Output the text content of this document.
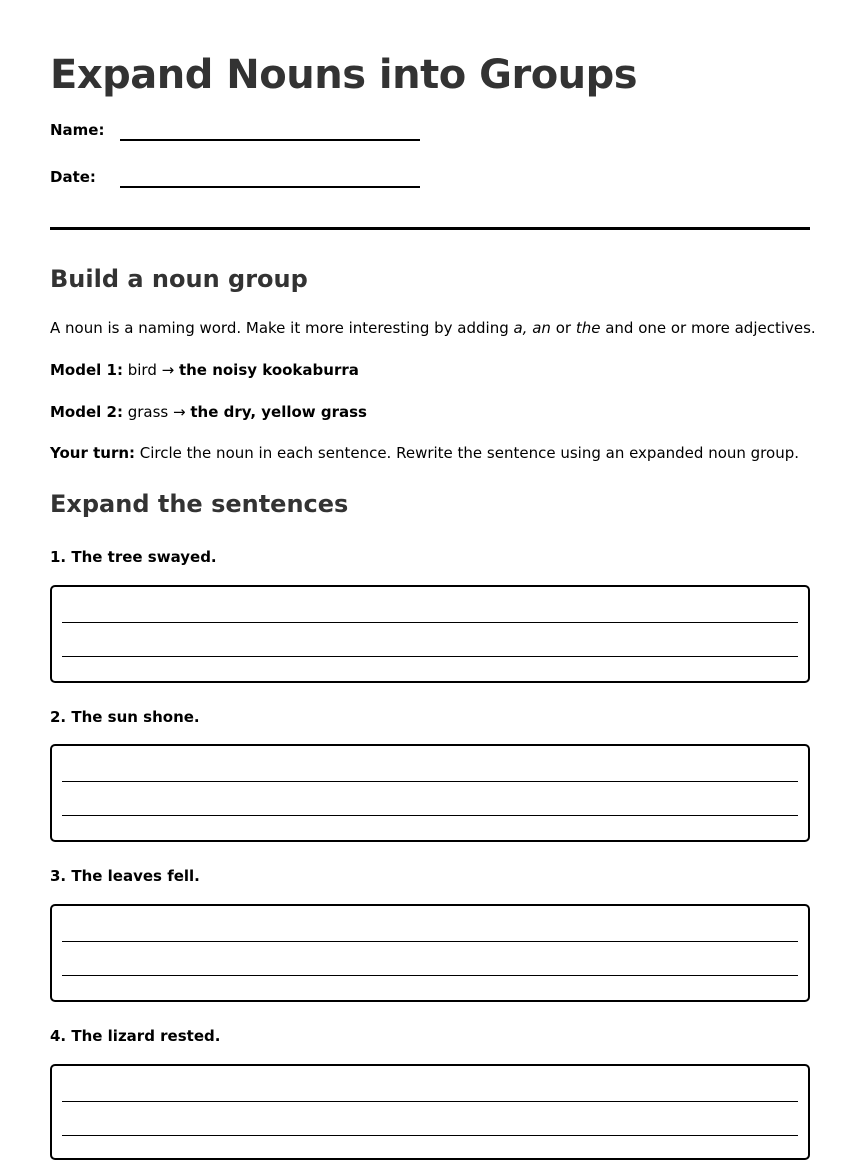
Expand Nouns into Groups
Name:
Date:
Build a noun group

A noun is a naming word. Make it more interesting by adding a, an or the and one or more adjectives.

Model 1: bird → the noisy kookaburra

Model 2: grass → the dry, yellow grass

Your turn: Circle the noun in each sentence. Rewrite the sentence using an expanded noun group.

Expand the sentences

1. The tree swayed.

2. The sun shone.

3. The leaves fell.

4. The lizard rested.
